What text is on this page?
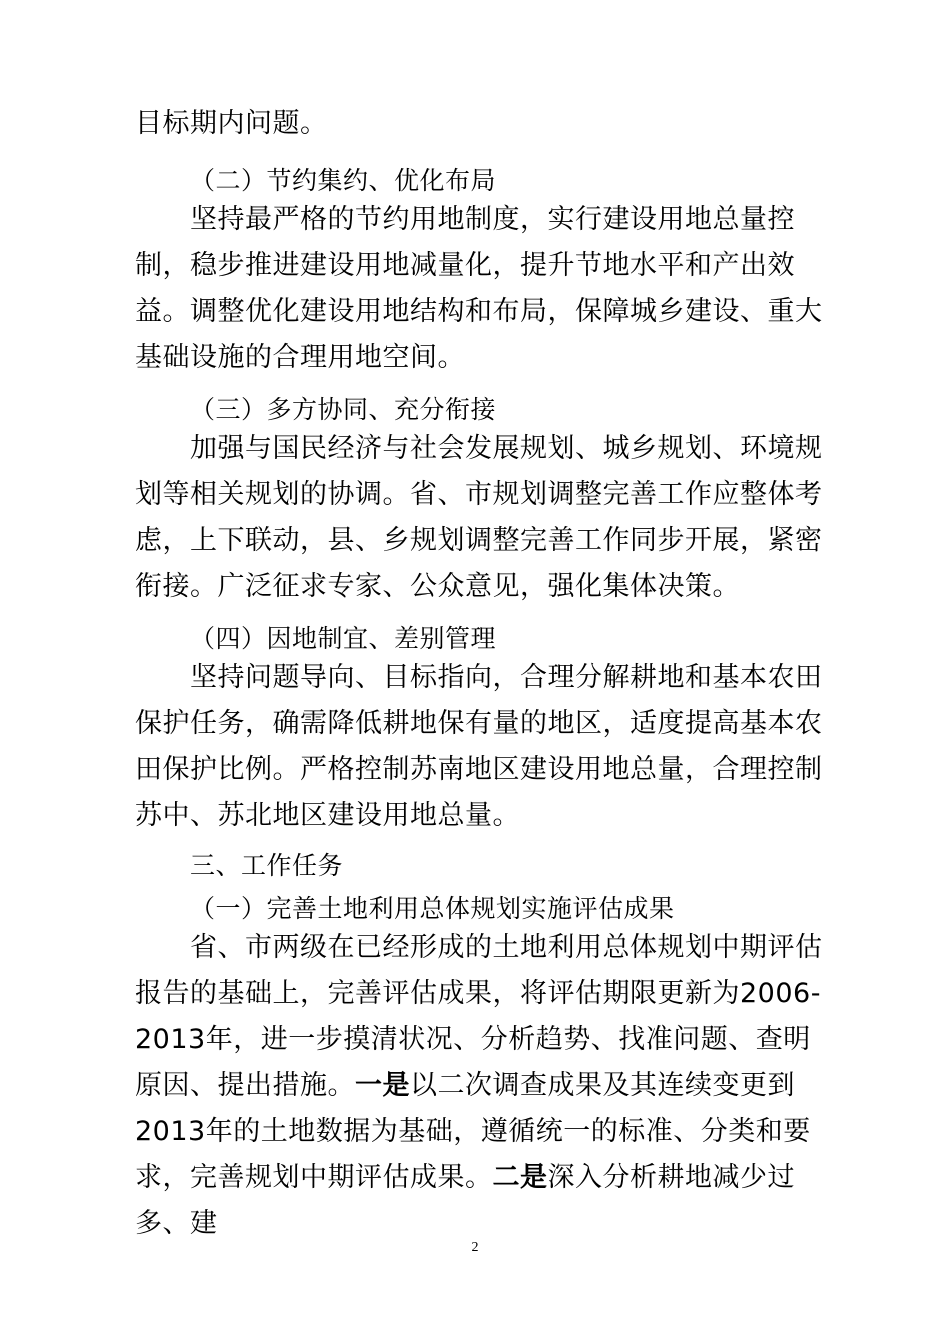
目标期内问题。
（二）节约集约、优化布局

坚持最严格的节约用地制度，实行建设用地总量控制，稳步推进建设用地减量化，提升节地水平和产出效益。调整优化建设用地结构和布局，保障城乡建设、重大基础设施的合理用地空间。

（三）多方协同、充分衔接

加强与国民经济与社会发展规划、城乡规划、环境规划等相关规划的协调。省、市规划调整完善工作应整体考虑，上下联动，县、乡规划调整完善工作同步开展，紧密衔接。广泛征求专家、公众意见，强化集体决策。

（四）因地制宜、差别管理

坚持问题导向、目标指向，合理分解耕地和基本农田保护任务，确需降低耕地保有量的地区，适度提高基本农田保护比例。严格控制苏南地区建设用地总量，合理控制苏中、苏北地区建设用地总量。

三、工作任务
（一）完善土地利用总体规划实施评估成果

省、市两级在已经形成的土地利用总体规划中期评估报告的基础上，完善评估成果，将评估期限更新为2006-2013年，进一步摸清状况、分析趋势、找准问题、查明原因、提出措施。一是以二次调查成果及其连续变更到2013年的土地数据为基础，遵循统一的标准、分类和要求，完善规划中期评估成果。二是深入分析耕地减少过多、建

2
